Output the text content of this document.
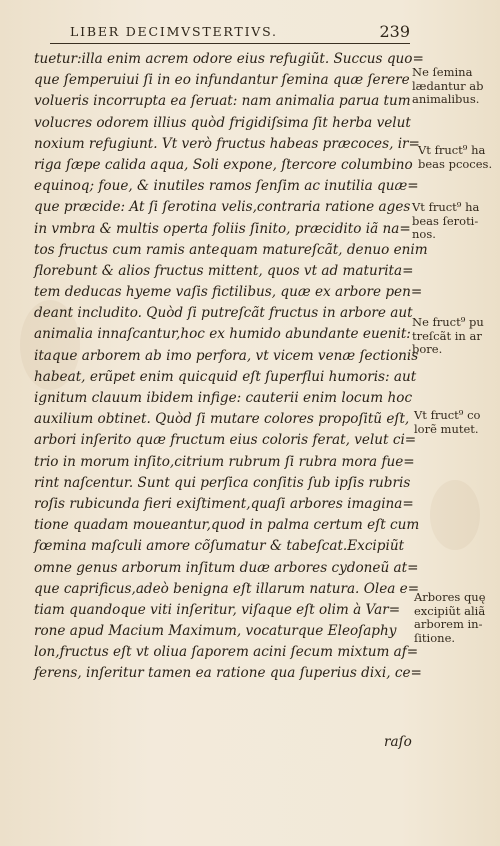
LIBER DECIMVSTERTIVS.	239
tuetur:illa enim acrem odore eius refugiũt. Succus quo=
que ſemperuiui ſi in eo infundantur ſemina quæ ſerere
volueris incorrupta ea ſeruat: nam animalia parua tum
volucres odorem illius quòd frigidiſsima ſit herba velut
noxium refugiunt. Vt verò fructus habeas præcoces, ir=
riga ſæpe calida aqua, Soli expone, ſtercore columbino
equinoq; foue, & inutiles ramos ſenſim ac inutilia quæ=
que præcide: At ſi ſerotina velis,contraria ratione ages
in vmbra & multis operta foliis ſinito, præcidito iã na=
tos fructus cum ramis antequam matureſcãt, denuo enim
florebunt & alios fructus mittent, quos vt ad maturita=
tem deducas hyeme vaſis fictilibus, quæ ex arbore pen=
deant includito. Quòd ſi putreſcãt fructus in arbore aut
animalia innaſcantur,hoc ex humido abundante euenit:
itaque arborem ab imo perfora, vt vicem venæ ſectionis
habeat, erũpet enim quicquid eſt ſuperflui humoris: aut
ignitum clauum ibidem infige: cauterii enim locum hoc
auxilium obtinet. Quòd ſi mutare colores propoſitũ eſt,
arbori inſerito quæ fructum eius coloris ferat, velut ci=
trio in morum inſito,citrium rubrum ſi rubra mora fue=
rint naſcentur. Sunt qui perſica conſitis ſub ipſis rubris
roſis rubicunda fieri exiſtiment,quaſi arbores imagina=
tione quadam moueantur,quod in palma certum eſt cum
fœmina maſculi amore cõſumatur & tabeſcat.Excipiũt
omne genus arborum inſitum duæ arbores cydoneũ at=
que caprificus,adeò benigna eſt illarum natura. Olea e=
tiam quandoque viti inſeritur, viſaque eſt olim à Var=
rone apud Macium Maximum, vocaturque Eleoſaphy
lon,fructus eſt vt oliua ſaporem acini ſecum mixtum af=
ferens, inſeritur tamen ea ratione qua ſuperius dixi, ce=
raſo
Ne ſemina
lædantur ab
animalibus.
Vt fruct⁹ ha
beas pcoces.
Vt fruct⁹ ha
beas ſeroti-
nos.
Ne fruct⁹ pu
treſcãt in ar
bore.
Vt fruct⁹ co
lorẽ mutet.
Arbores quę
excipiũt aliã
arborem in-
ſitione.
